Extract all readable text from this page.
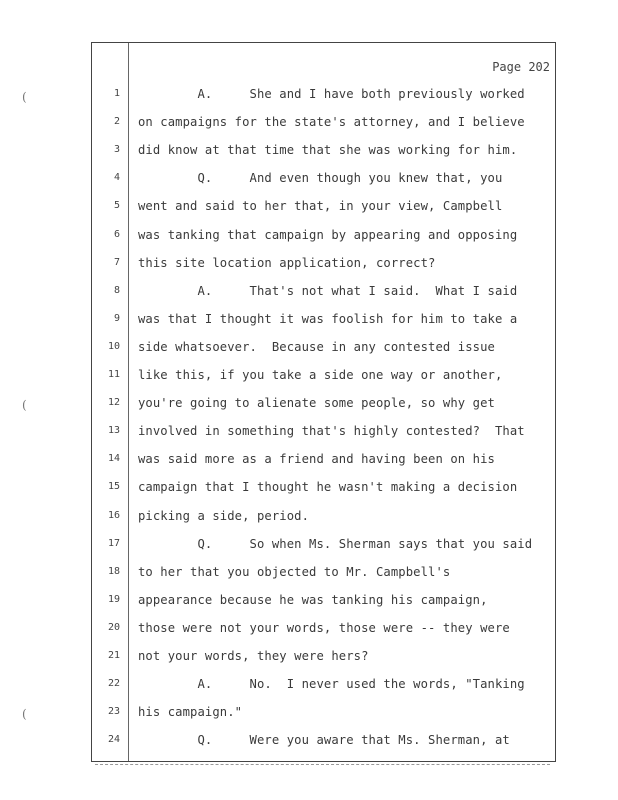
Page 202
(
(
(
1 A.     She and I have both previously worked
2 on campaigns for the state's attorney, and I believe
3 did know at that time that she was working for him.
4 Q.     And even though you knew that, you
5 went and said to her that, in your view, Campbell
6 was tanking that campaign by appearing and opposing
7 this site location application, correct?
8 A.     That's not what I said.  What I said
9 was that I thought it was foolish for him to take a
10 side whatsoever.  Because in any contested issue
11 like this, if you take a side one way or another,
12 you're going to alienate some people, so why get
13 involved in something that's highly contested?  That
14 was said more as a friend and having been on his
15 campaign that I thought he wasn't making a decision
16 picking a side, period.
17 Q.     So when Ms. Sherman says that you said
18 to her that you objected to Mr. Campbell's
19 appearance because he was tanking his campaign,
20 those were not your words, those were -- they were
21 not your words, they were hers?
22 A.     No.  I never used the words, "Tanking
23 his campaign."
24 Q.     Were you aware that Ms. Sherman, at
